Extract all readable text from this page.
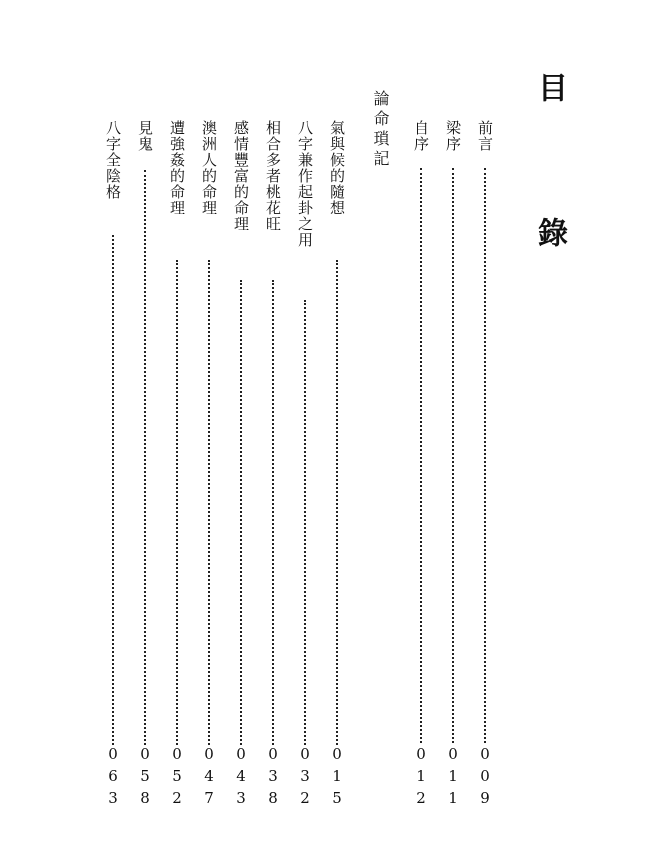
目 錄
前言
009
梁序
011
自序
012
論命瑣記
氣與候的隨想
015
八字兼作起卦之用
032
相合多者桃花旺
038
感情豐富的命理
043
澳洲人的命理
047
遭強姦的命理
052
見鬼
058
八字全陰格
063
